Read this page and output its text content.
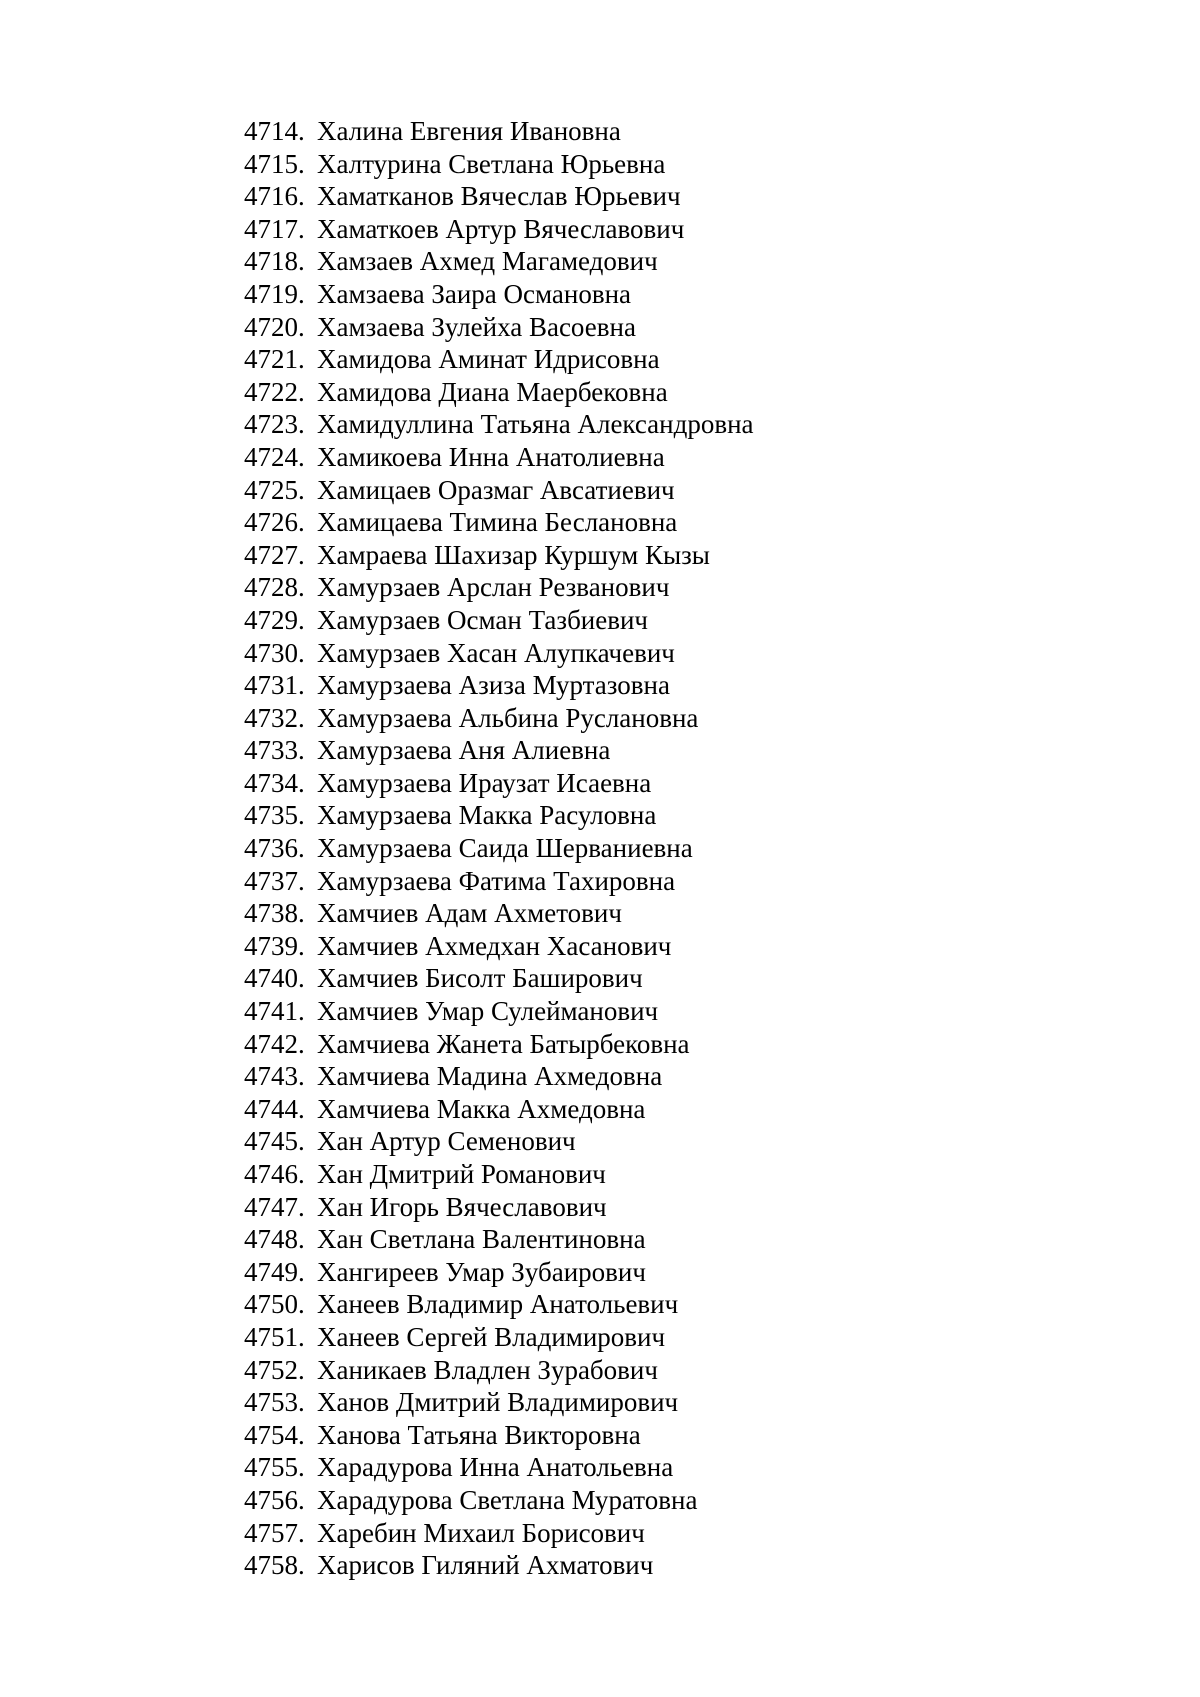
4714. Халина Евгения Ивановна
4715. Халтурина Светлана Юрьевна
4716. Хаматканов Вячеслав Юрьевич
4717. Хаматкоев Артур Вячеславович
4718. Хамзаев Ахмед Магамедович
4719. Хамзаева Заира Османовна
4720. Хамзаева Зулейха Васоевна
4721. Хамидова Аминат Идрисовна
4722. Хамидова Диана Маербековна
4723. Хамидуллина Татьяна Александровна
4724. Хамикоева Инна Анатолиевна
4725. Хамицаев Оразмаг Авсатиевич
4726. Хамицаева Тимина Беслановна
4727. Хамраева Шахизар Куршум Кызы
4728. Хамурзаев Арслан Резванович
4729. Хамурзаев Осман Тазбиевич
4730. Хамурзаев Хасан Алупкачевич
4731. Хамурзаева Азиза Муртазовна
4732. Хамурзаева Альбина Руслановна
4733. Хамурзаева Аня Алиевна
4734. Хамурзаева Ираузат Исаевна
4735. Хамурзаева Макка Расуловна
4736. Хамурзаева Саида Шерваниевна
4737. Хамурзаева Фатима Тахировна
4738. Хамчиев Адам Ахметович
4739. Хамчиев Ахмедхан Хасанович
4740. Хамчиев Бисолт Баширович
4741. Хамчиев Умар Сулейманович
4742. Хамчиева Жанета Батырбековна
4743. Хамчиева Мадина Ахмедовна
4744. Хамчиева Макка Ахмедовна
4745. Хан Артур Семенович
4746. Хан Дмитрий Романович
4747. Хан Игорь Вячеславович
4748. Хан Светлана Валентиновна
4749. Хангиреев Умар Зубаирович
4750. Ханеев Владимир Анатольевич
4751. Ханеев Сергей Владимирович
4752. Ханикаев Владлен Зурабович
4753. Ханов Дмитрий Владимирович
4754. Ханова Татьяна Викторовна
4755. Харадурова Инна Анатольевна
4756. Харадурова Светлана Муратовна
4757. Харебин Михаил Борисович
4758. Харисов Гиляний Ахматович
